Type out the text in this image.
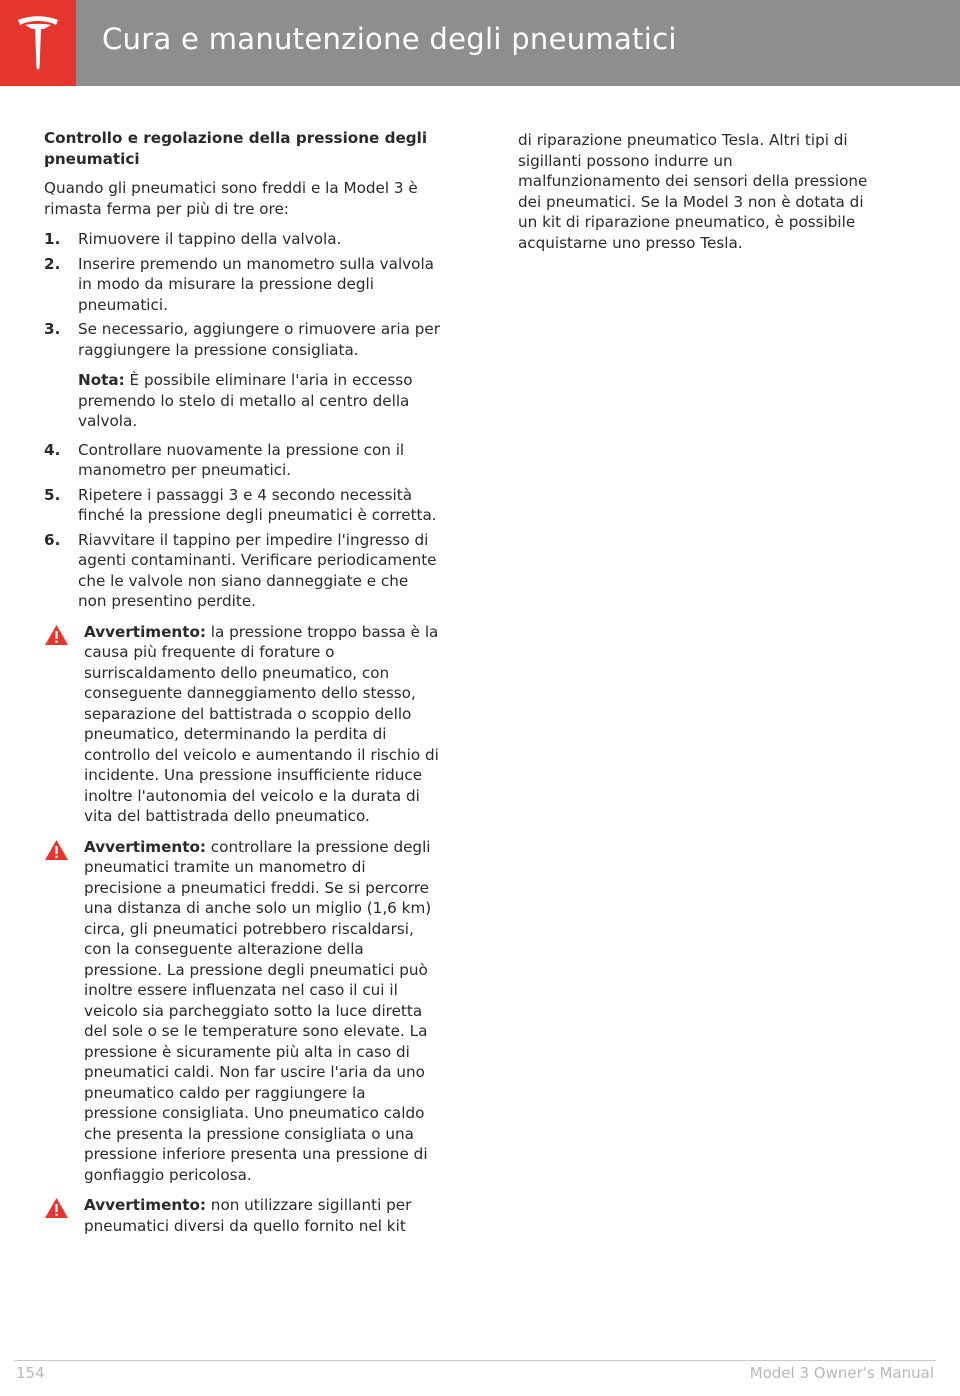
Cura e manutenzione degli pneumatici
Controllo e regolazione della pressione degli pneumatici

Quando gli pneumatici sono freddi e la Model 3 è rimasta ferma per più di tre ore:

1.	Rimuovere il tappino della valvola.
2.	Inserire premendo un manometro sulla valvola in modo da misurare la pressione degli pneumatici.
3.	Se necessario, aggiungere o rimuovere aria per raggiungere la pressione consigliata.
Nota: È possibile eliminare l'aria in eccesso premendo lo stelo di metallo al centro della valvola.
4.	Controllare nuovamente la pressione con il manometro per pneumatici.
5.	Ripetere i passaggi 3 e 4 secondo necessità finché la pressione degli pneumatici è corretta.
6.	Riavvitare il tappino per impedire l'ingresso di agenti contaminanti. Verificare periodicamente che le valvole non siano danneggiate e che non presentino perdite.
Avvertimento: la pressione troppo bassa è la causa più frequente di forature o surriscaldamento dello pneumatico, con conseguente danneggiamento dello stesso, separazione del battistrada o scoppio dello pneumatico, determinando la perdita di controllo del veicolo e aumentando il rischio di incidente. Una pressione insufficiente riduce inoltre l'autonomia del veicolo e la durata di vita del battistrada dello pneumatico.
Avvertimento: controllare la pressione degli pneumatici tramite un manometro di precisione a pneumatici freddi. Se si percorre una distanza di anche solo un miglio (1,6 km) circa, gli pneumatici potrebbero riscaldarsi, con la conseguente alterazione della pressione. La pressione degli pneumatici può inoltre essere influenzata nel caso il cui il veicolo sia parcheggiato sotto la luce diretta del sole o se le temperature sono elevate. La pressione è sicuramente più alta in caso di pneumatici caldi. Non far uscire l'aria da uno pneumatico caldo per raggiungere la pressione consigliata. Uno pneumatico caldo che presenta la pressione consigliata o una pressione inferiore presenta una pressione di gonfiaggio pericolosa.
Avvertimento: non utilizzare sigillanti per pneumatici diversi da quello fornito nel kit

di riparazione pneumatico Tesla. Altri tipi di sigillanti possono indurre un malfunzionamento dei sensori della pressione dei pneumatici. Se la Model 3 non è dotata di un kit di riparazione pneumatico, è possibile acquistarne uno presso Tesla.

154	Model 3 Owner's Manual
